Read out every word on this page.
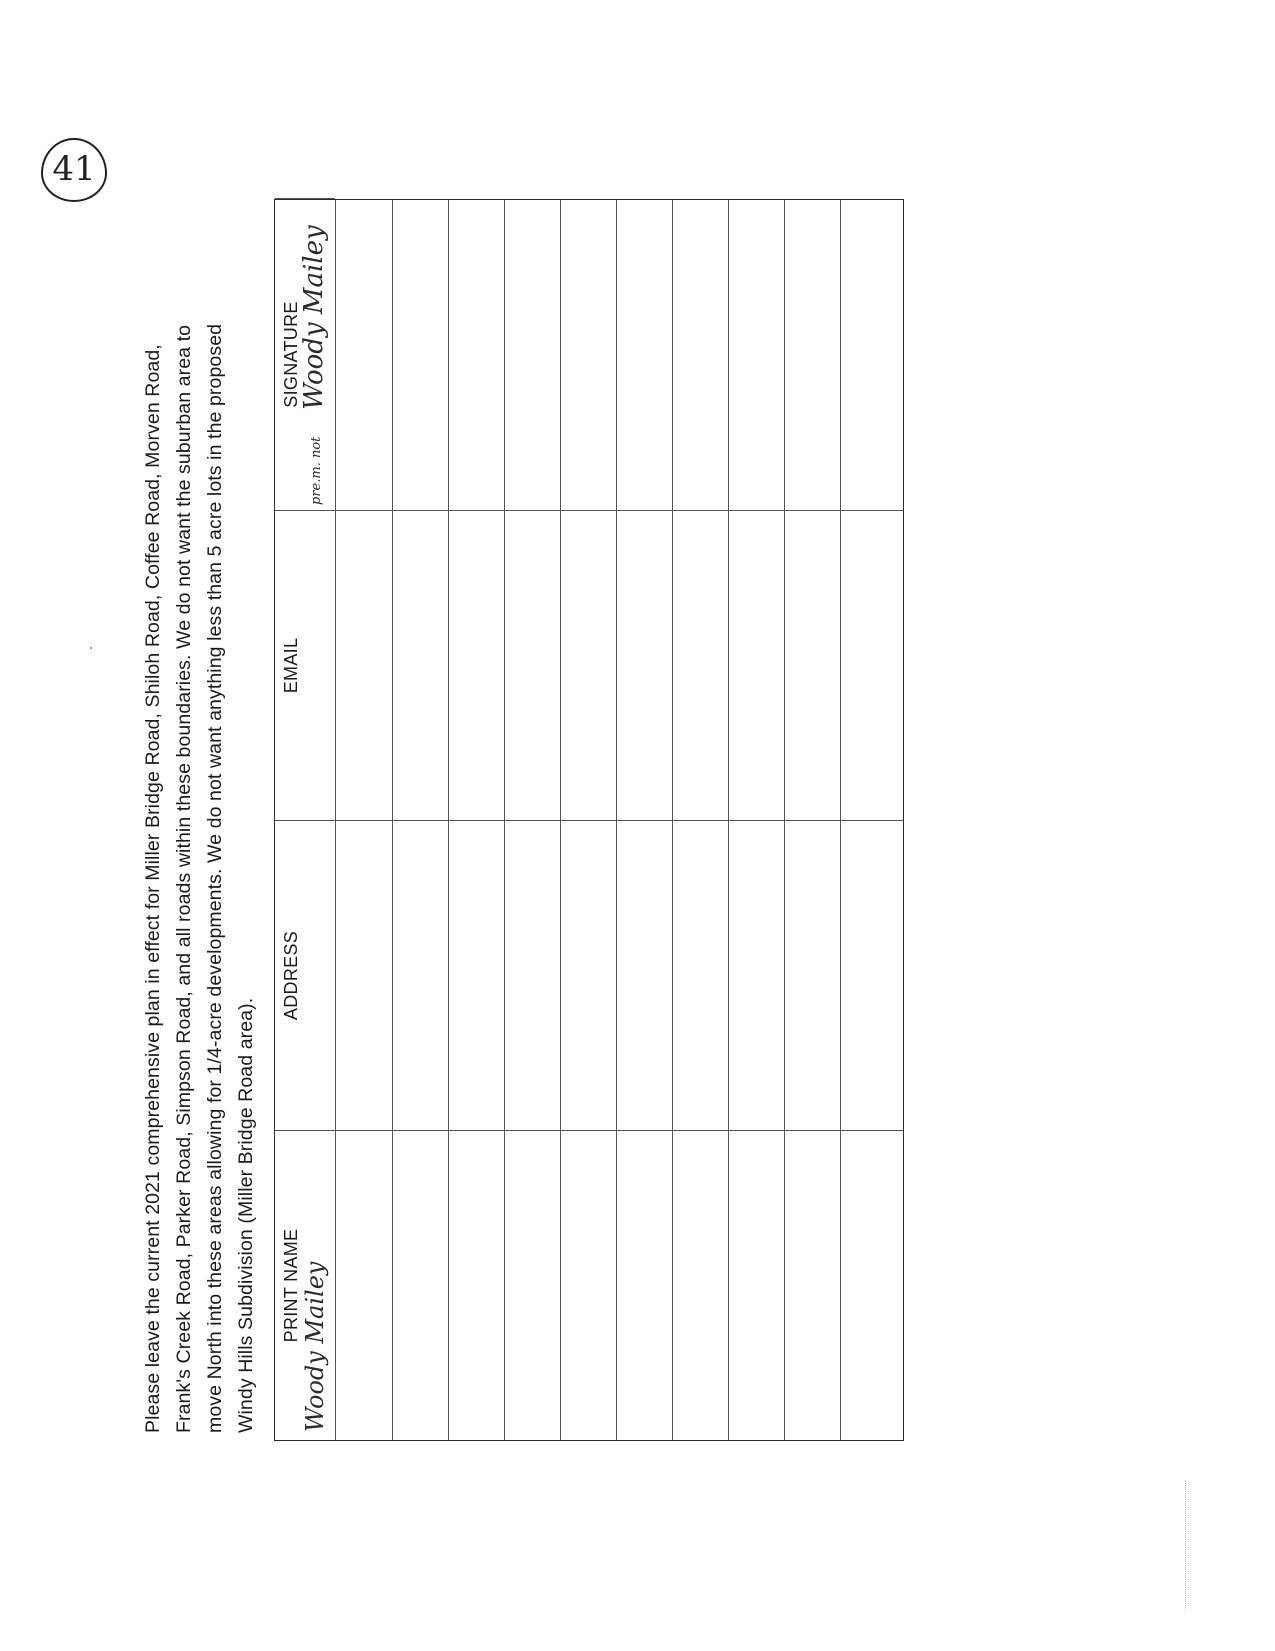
41
Please leave the current 2021 comprehensive plan in effect for Miller Bridge Road, Shiloh Road, Coffee Road, Morven Road, Frank's Creek Road, Parker Road, Simpson Road, and all roads within these boundaries. We do not want the suburban area to move North into these areas allowing for 1/4-acre developments. We do not want anything less than 5 acre lots in the proposed Windy Hills Subdivision (Miller Bridge Road area).	PRINT NAME
ADDRESS
EMAIL
SIGNATURE
Woody Mailey
Woody Mailey
pre.m. not
